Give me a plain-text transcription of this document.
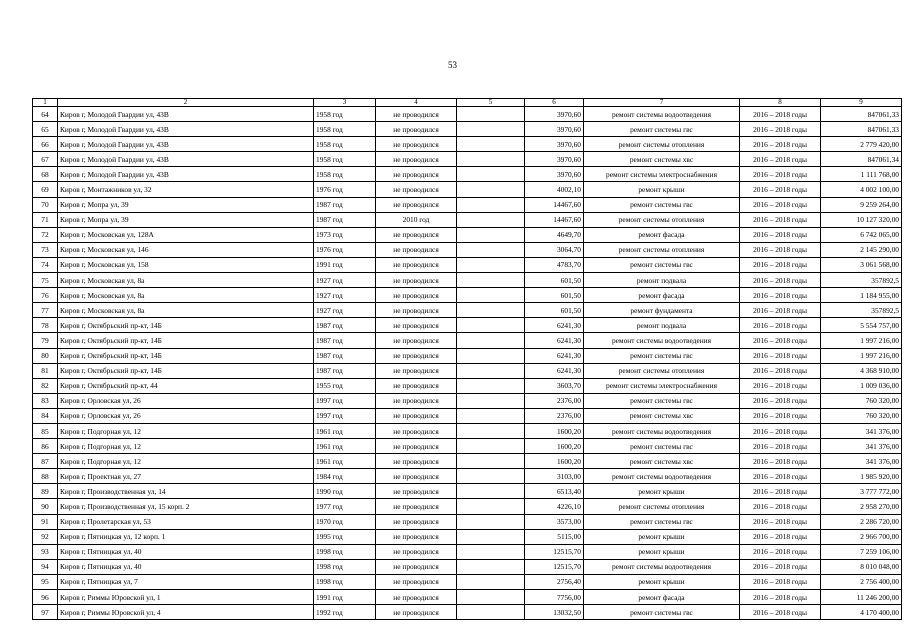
53
1	2	3	4	5	6	7	8	9
64	Киров г, Молодой Гвардии ул, 43В	1958 год	не проводился		3970,60	ремонт системы водоотведения	2016 – 2018 годы	847061,33
65	Киров г, Молодой Гвардии ул, 43В	1958 год	не проводился		3970,60	ремонт системы гвс	2016 – 2018 годы	847061,33
66	Киров г, Молодой Гвардии ул, 43В	1958 год	не проводился		3970,60	ремонт системы отопления	2016 – 2018 годы	2 779 420,00
67	Киров г, Молодой Гвардии ул, 43В	1958 год	не проводился		3970,60	ремонт системы хвс	2016 – 2018 годы	847061,34
68	Киров г, Молодой Гвардии ул, 43В	1958 год	не проводился		3970,60	ремонт системы электроснабжения	2016 – 2018 годы	1 111 768,00
69	Киров г, Монтажников ул, 32	1976 год	не проводился		4002,10	ремонт крыши	2016 – 2018 годы	4 002 100,00
70	Киров г, Мопра ул, 39	1987 год	не проводился		14467,60	ремонт системы гвс	2016 – 2018 годы	9 259 264,00
71	Киров г, Мопра ул, 39	1987 год	2010 год		14467,60	ремонт системы отопления	2016 – 2018 годы	10 127 320,00
72	Киров г, Московская ул, 128А	1973 год	не проводился		4649,70	ремонт фасада	2016 – 2018 годы	6 742 065,00
73	Киров г, Московская ул, 146	1976 год	не проводился		3064,70	ремонт системы отопления	2016 – 2018 годы	2 145 290,00
74	Киров г, Московская ул, 158	1991 год	не проводился		4783,70	ремонт системы гвс	2016 – 2018 годы	3 061 568,00
75	Киров г, Московская ул, 8а	1927 год	не проводился		601,50	ремонт подвала	2016 – 2018 годы	357892,5
76	Киров г, Московская ул, 8а	1927 год	не проводился		601,50	ремонт фасада	2016 – 2018 годы	1 184 955,00
77	Киров г, Московская ул, 8а	1927 год	не проводился		601,50	ремонт фундамента	2016 – 2018 годы	357892,5
78	Киров г, Октябрьский пр-кт, 14Б	1987 год	не проводился		6241,30	ремонт подвала	2016 – 2018 годы	5 554 757,00
79	Киров г, Октябрьский пр-кт, 14Б	1987 год	не проводился		6241,30	ремонт системы водоотведения	2016 – 2018 годы	1 997 216,00
80	Киров г, Октябрьский пр-кт, 14Б	1987 год	не проводился		6241,30	ремонт системы гвс	2016 – 2018 годы	1 997 216,00
81	Киров г, Октябрьский пр-кт, 14Б	1987 год	не проводился		6241,30	ремонт системы отопления	2016 – 2018 годы	4 368 910,00
82	Киров г, Октябрьский пр-кт, 44	1955 год	не проводился		3603,70	ремонт системы электроснабжения	2016 – 2018 годы	1 009 036,00
83	Киров г, Орловская ул, 26	1997 год	не проводился		2376,00	ремонт системы гвс	2016 – 2018 годы	760 320,00
84	Киров г, Орловская ул, 26	1997 год	не проводился		2376,00	ремонт системы хвс	2016 – 2018 годы	760 320,00
85	Киров г, Подгорная ул, 12	1961 год	не проводился		1600,20	ремонт системы водоотведения	2016 – 2018 годы	341 376,00
86	Киров г, Подгорная ул, 12	1961 год	не проводился		1600,20	ремонт системы гвс	2016 – 2018 годы	341 376,00
87	Киров г, Подгорная ул, 12	1961 год	не проводился		1600,20	ремонт системы хвс	2016 – 2018 годы	341 376,00
88	Киров г, Проектная ул, 27	1984 год	не проводился		3103,00	ремонт системы водоотведения	2016 – 2018 годы	1 985 920,00
89	Киров г, Производственная ул, 14	1990 год	не проводился		6513,40	ремонт крыши	2016 – 2018 годы	3 777 772,00
90	Киров г, Производственная ул, 15 корп. 2	1977 год	не проводился		4226,10	ремонт системы отопления	2016 – 2018 годы	2 958 270,00
91	Киров г, Пролетарская ул, 53	1970 год	не проводился		3573,00	ремонт системы гвс	2016 – 2018 годы	2 286 720,00
92	Киров г, Пятницкая ул, 12 корп. 1	1995 год	не проводился		5115,00	ремонт крыши	2016 – 2018 годы	2 966 700,00
93	Киров г, Пятницкая ул, 40	1998 год	не проводился		12515,70	ремонт крыши	2016 – 2018 годы	7 259 106,00
94	Киров г, Пятницкая ул, 40	1998 год	не проводился		12515,70	ремонт системы водоотведения	2016 – 2018 годы	8 010 048,00
95	Киров г, Пятницкая ул, 7	1998 год	не проводился		2756,40	ремонт крыши	2016 – 2018 годы	2 756 400,00
96	Киров г, Риммы Юровской ул, 1	1991 год	не проводился		7756,00	ремонт фасада	2016 – 2018 годы	11 246 200,00
97	Киров г, Риммы Юровской ул, 4	1992 год	не проводился		13032,50	ремонт системы гвс	2016 – 2018 годы	4 170 400,00
